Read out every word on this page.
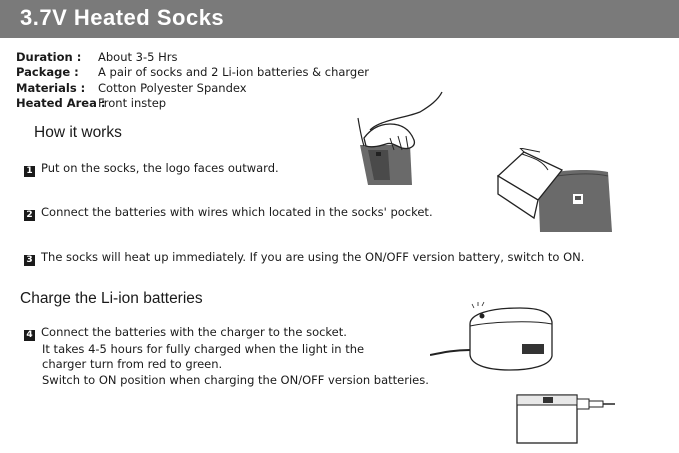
3.7V Heated Socks
Duration : About 3-5 Hrs
Package : A pair of socks and 2 Li-ion batteries & charger
Materials : Cotton Polyester Spandex
Heated Area :
Front instep
How it works
1 Put on the socks, the logo faces outward.
2 Connect the batteries with wires which located in the socks' pocket.
3 The socks will heat up immediately. If you are using the ON/OFF version battery, switch to ON.
Charge the Li-ion batteries
4 Connect the batteries with the charger to the socket.
It takes 4-5 hours for fully charged when the light in the
charger turn from red to green.
Switch to ON position when charging the ON/OFF version batteries.
